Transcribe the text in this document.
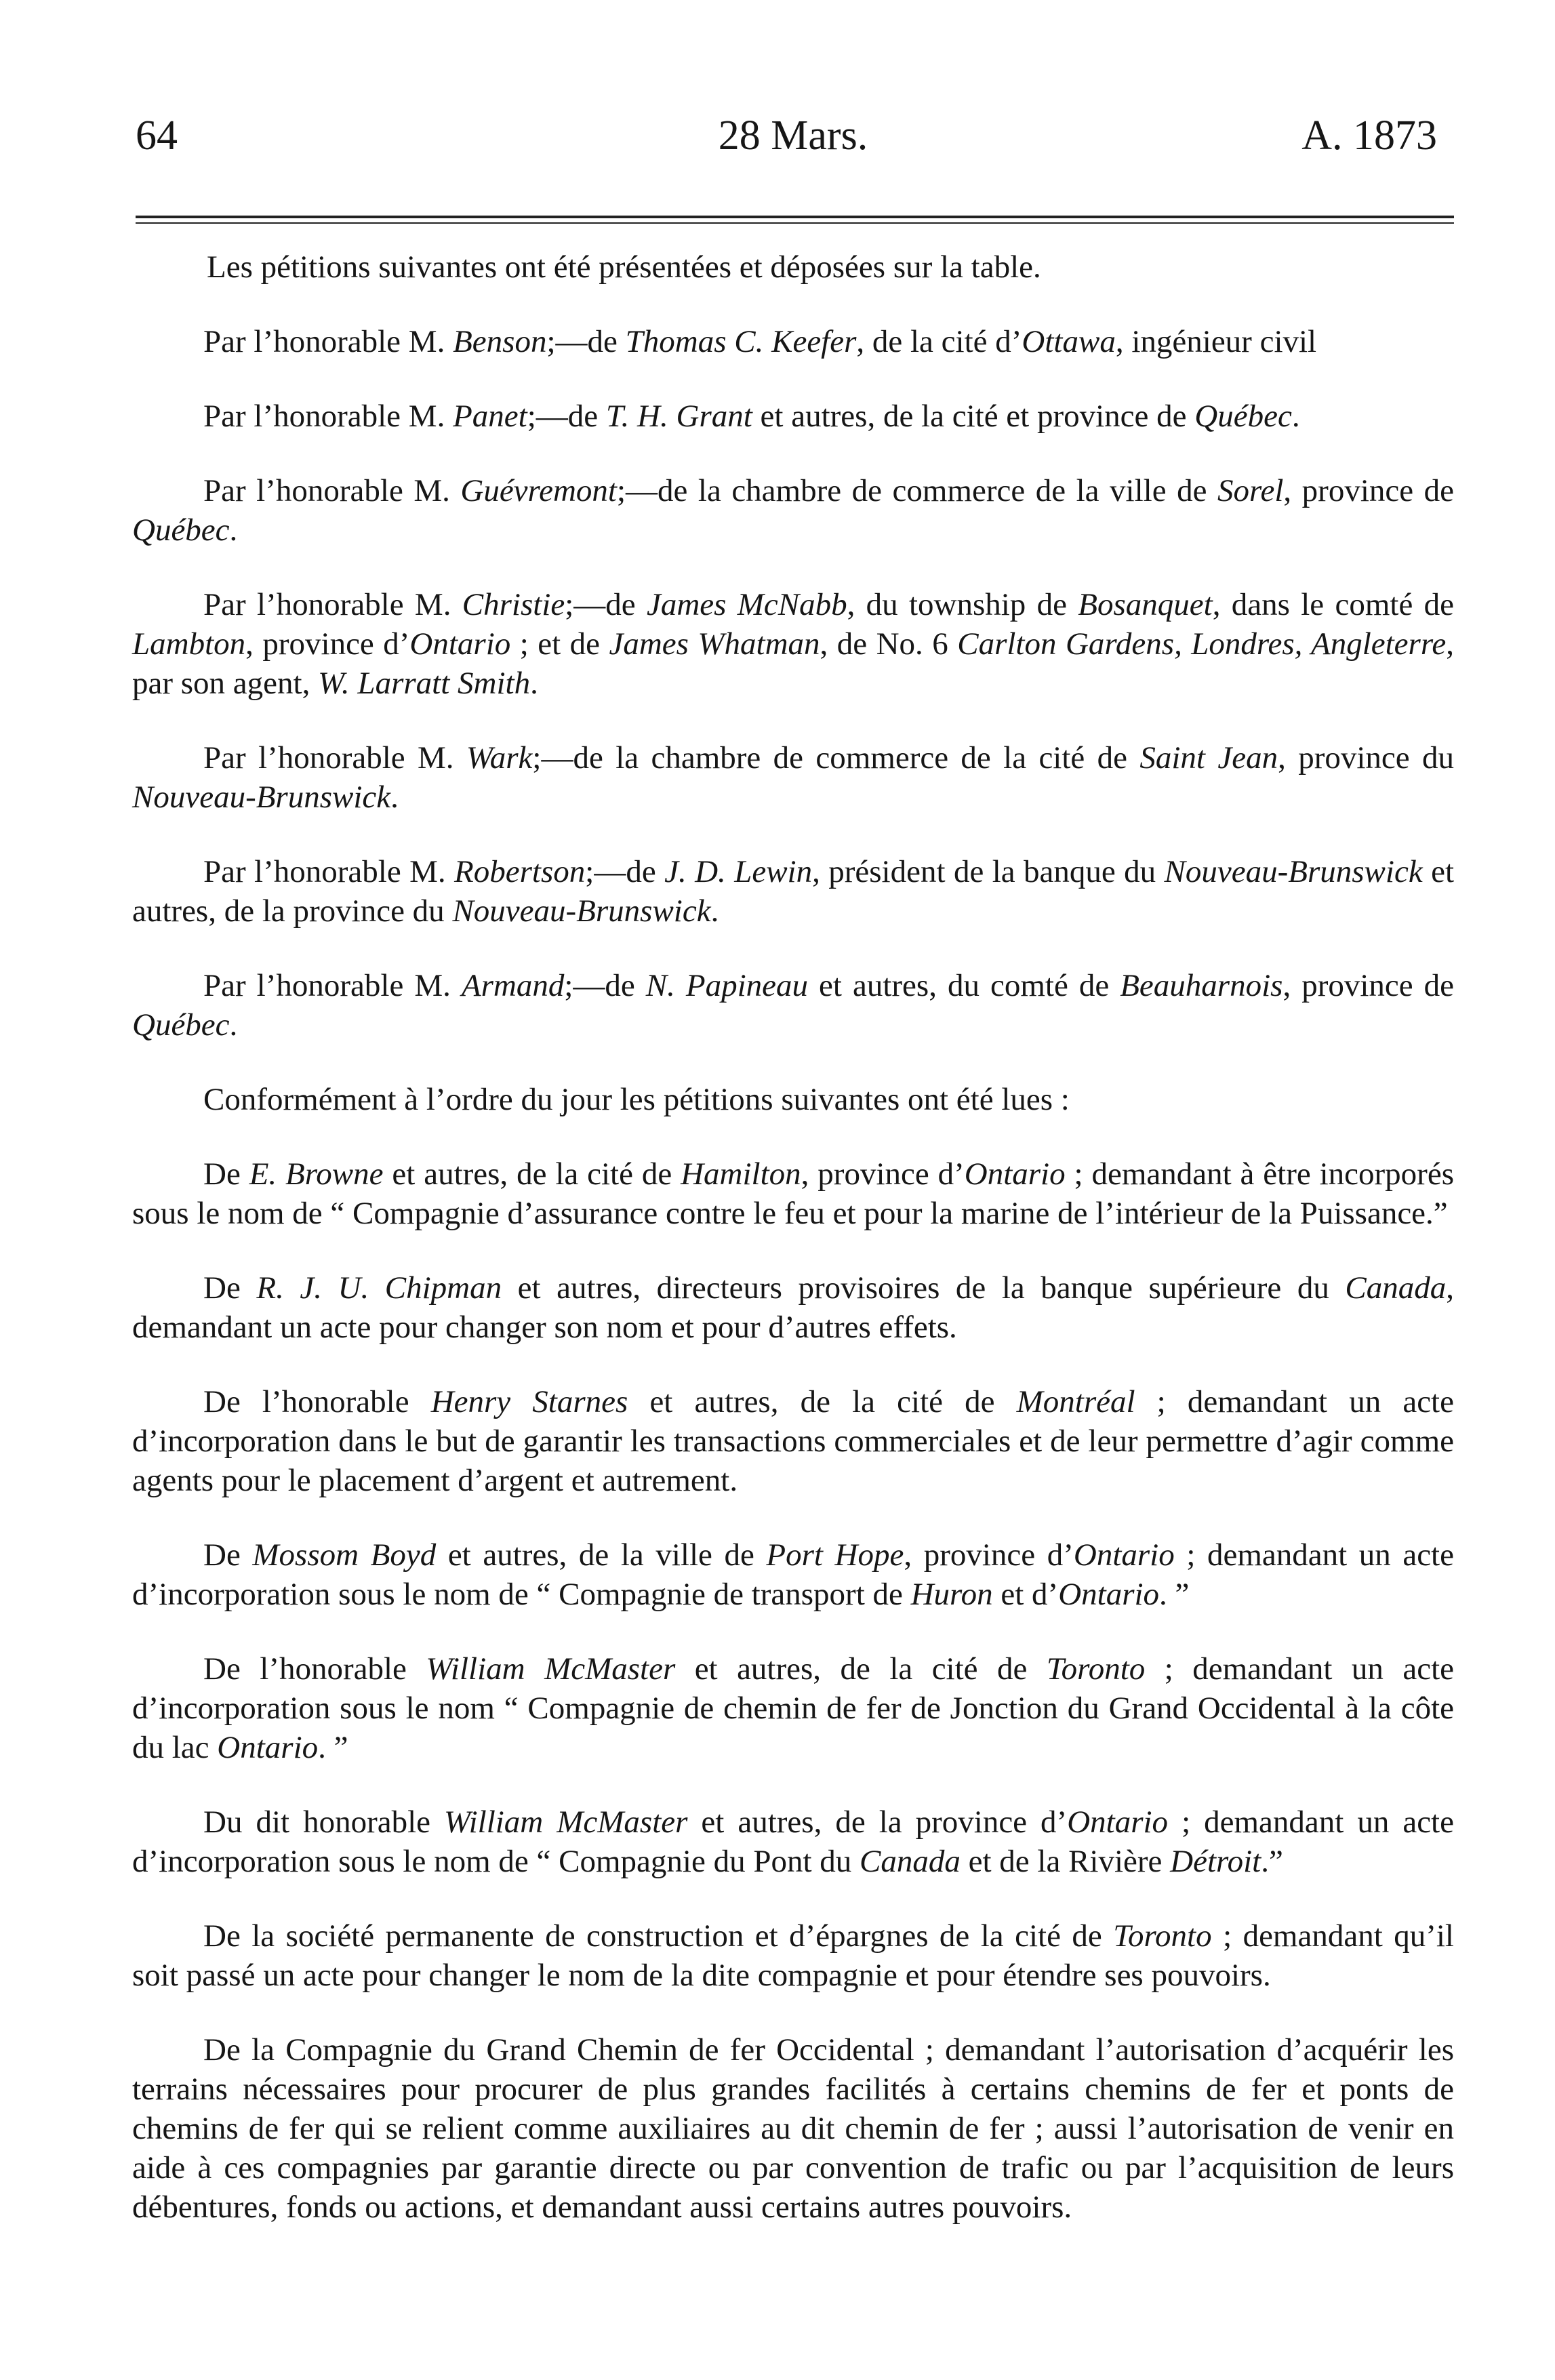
64	28 Mars.	A. 1873

Les pétitions suivantes ont été présentées et déposées sur la table.

Par l’honorable M. Benson;—de Thomas C. Keefer, de la cité d’Ottawa, ingénieur civil

Par l’honorable M. Panet;—de T. H. Grant et autres, de la cité et province de Québec.

Par l’honorable M. Guévremont;—de la chambre de commerce de la ville de Sorel, province de Québec.

Par l’honorable M. Christie;—de James McNabb, du township de Bosanquet, dans le comté de Lambton, province d’Ontario ; et de James Whatman, de No. 6 Carlton Gardens, Londres, Angleterre, par son agent, W. Larratt Smith.

Par l’honorable M. Wark;—de la chambre de commerce de la cité de Saint Jean, province du Nouveau-Brunswick.

Par l’honorable M. Robertson;—de J. D. Lewin, président de la banque du Nouveau-Brunswick et autres, de la province du Nouveau-Brunswick.

Par l’honorable M. Armand;—de N. Papineau et autres, du comté de Beauharnois, province de Québec.

Conformément à l’ordre du jour les pétitions suivantes ont été lues :

De E. Browne et autres, de la cité de Hamilton, province d’Ontario ; demandant à être incorporés sous le nom de “ Compagnie d’assurance contre le feu et pour la marine de l’intérieur de la Puissance.”

De R. J. U. Chipman et autres, directeurs provisoires de la banque supérieure du Canada, demandant un acte pour changer son nom et pour d’autres effets.

De l’honorable Henry Starnes et autres, de la cité de Montréal ; demandant un acte d’incorporation dans le but de garantir les transactions commerciales et de leur permettre d’agir comme agents pour le placement d’argent et autrement.

De Mossom Boyd et autres, de la ville de Port Hope, province d’Ontario ; demandant un acte d’incorporation sous le nom de “ Compagnie de transport de Huron et d’Ontario. ”

De l’honorable William McMaster et autres, de la cité de Toronto ; demandant un acte d’incorporation sous le nom “ Compagnie de chemin de fer de Jonction du Grand Occidental à la côte du lac Ontario. ”

Du dit honorable William McMaster et autres, de la province d’Ontario ; demandant un acte d’incorporation sous le nom de “ Compagnie du Pont du Canada et de la Rivière Détroit.”

De la société permanente de construction et d’épargnes de la cité de Toronto ; demandant qu’il soit passé un acte pour changer le nom de la dite compagnie et pour étendre ses pouvoirs.

De la Compagnie du Grand Chemin de fer Occidental ; demandant l’autorisation d’acquérir les terrains nécessaires pour procurer de plus grandes facilités à certains chemins de fer et ponts de chemins de fer qui se relient comme auxiliaires au dit chemin de fer ; aussi l’autorisation de venir en aide à ces compagnies par garantie directe ou par convention de trafic ou par l’acquisition de leurs débentures, fonds ou actions, et demandant aussi certains autres pouvoirs.
